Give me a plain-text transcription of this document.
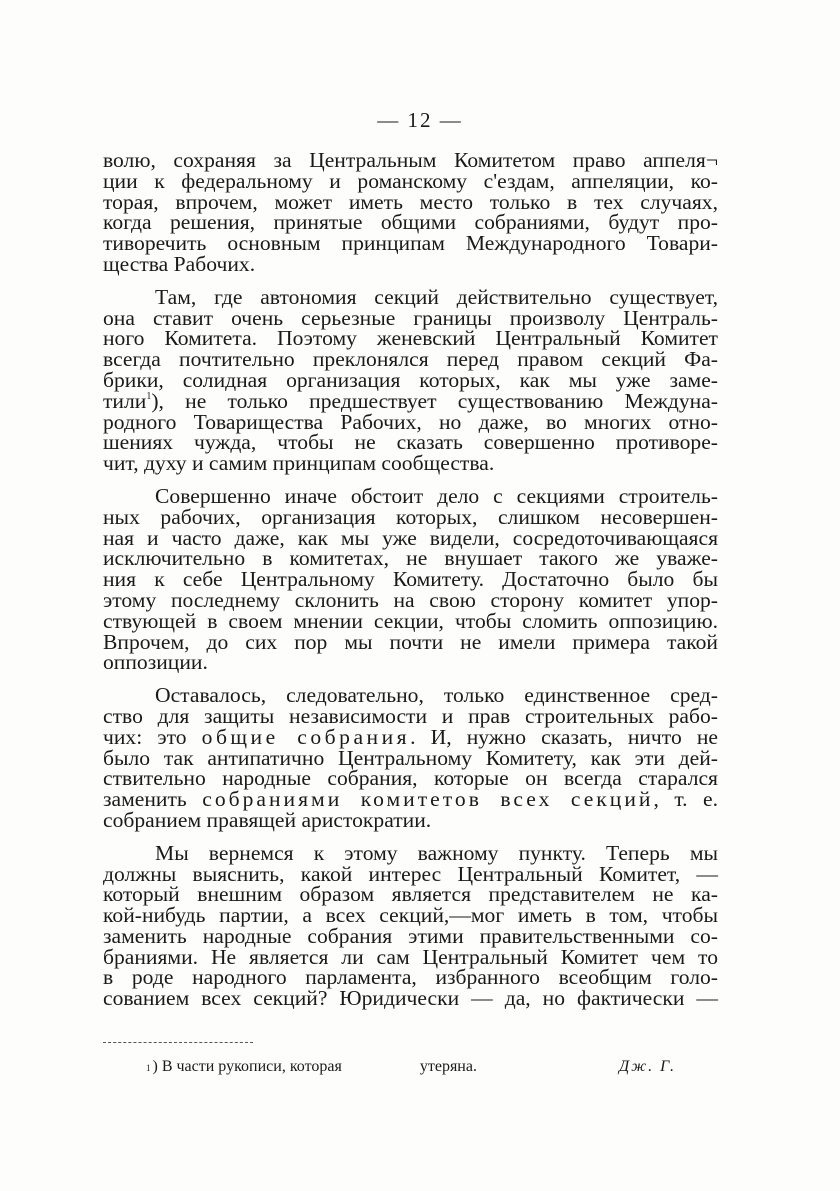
— 12 —

волю, сохраняя за Центральным Комитетом право аппеля¬
ции к федеральному и романскому с'ездам, аппеляции, ко-
торая, впрочем, может иметь место только в тех случаях,
когда решения, принятые общими собраниями, будут про-
тиворечить основным принципам Международного Товари-
щества Рабочих.

Там, где автономия секций действительно существует,
она ставит очень серьезные границы произволу Централь-
ного Комитета. Поэтому женевский Центральный Комитет
всегда почтительно преклонялся перед правом секций Фа-
брики, солидная организация которых, как мы уже заме-
тили$^1$), не только предшествует существованию Междуна-
родного Товарищества Рабочих, но даже, во многих отно-
шениях чужда, чтобы не сказать совершенно противоре-
чит, духу и самим принципам сообщества.

Совершенно иначе обстоит дело с секциями строитель-
ных рабочих, организация которых, слишком несовершен-
ная и часто даже, как мы уже видели, сосредоточивающаяся
исключительно в комитетах, не внушает такого же уваже-
ния к себе Центральному Комитету. Достаточно было бы
этому последнему склонить на свою сторону комитет упор-
ствующей в своем мнении секции, чтобы сломить оппозицию.
Впрочем, до сих пор мы почти не имели примера такой
оппозиции.

Оставалось, следовательно, только единственное сред-
ство для защиты независимости и прав строительных рабо-
чих: это общие собрания. И, нужно сказать, ничто не
было так антипатично Центральному Комитету, как эти дей-
ствительно народные собрания, которые он всегда старался
заменить собраниями комитетов всех секций, т. е.
собранием правящей аристократии.

Мы вернемся к этому важному пункту. Теперь мы
должны выяснить, какой интерес Центральный Комитет, —
который внешним образом является представителем не ка-
кой-нибудь партии, а всех секций,—мог иметь в том, чтобы
заменить народные собрания этими правительственными со-
браниями. Не является ли сам Центральный Комитет чем то
в роде народного парламента, избранного всеобщим голо-
сованием всех секций? Юридически — да, но фактически —

1 ) В части рукописи, которая	утеряна.	Дж. Г.
